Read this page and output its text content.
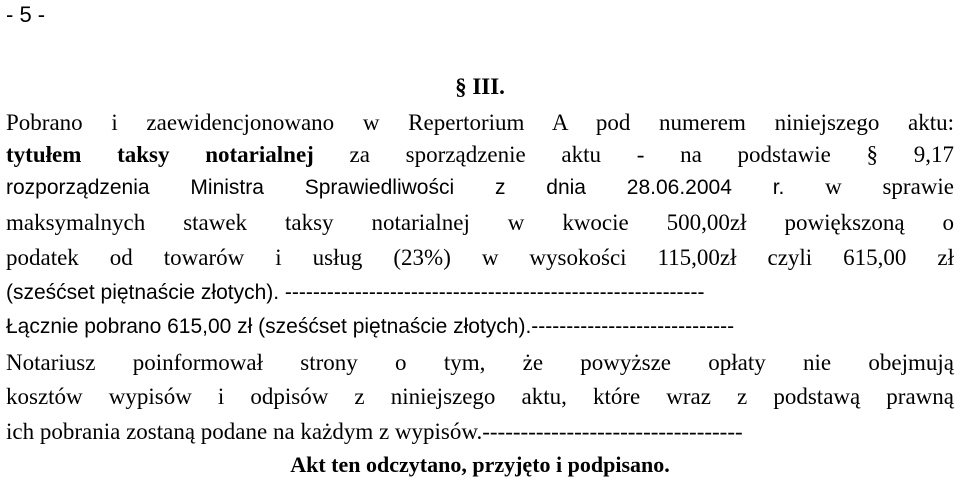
- 5 -

§ III.

Pobrano i zaewidencjonowano w Repertorium A pod numerem niniejszego aktu:

tytułem taksy notarialnej za sporządzenie aktu - na podstawie § 9,17

rozporządzenia Ministra Sprawiedliwości z dnia 28.06.2004 r. w sprawie

maksymalnych stawek taksy notarialnej w kwocie 500,00zł powiększoną o

podatek od towarów i usług (23%) w wysokości 115,00zł czyli 615,00 zł

(sześćset piętnaście złotych). ------------------------------------------------------------

Łącznie pobrano 615,00 zł (sześćset piętnaście złotych).-----------------------------

Notariusz poinformował strony o tym, że powyższe opłaty nie obejmują

kosztów wypisów i odpisów z niniejszego aktu, które wraz z podstawą prawną

ich pobrania zostaną podane na każdym z wypisów.----------------------------------

Akt ten odczytano, przyjęto i podpisano.
